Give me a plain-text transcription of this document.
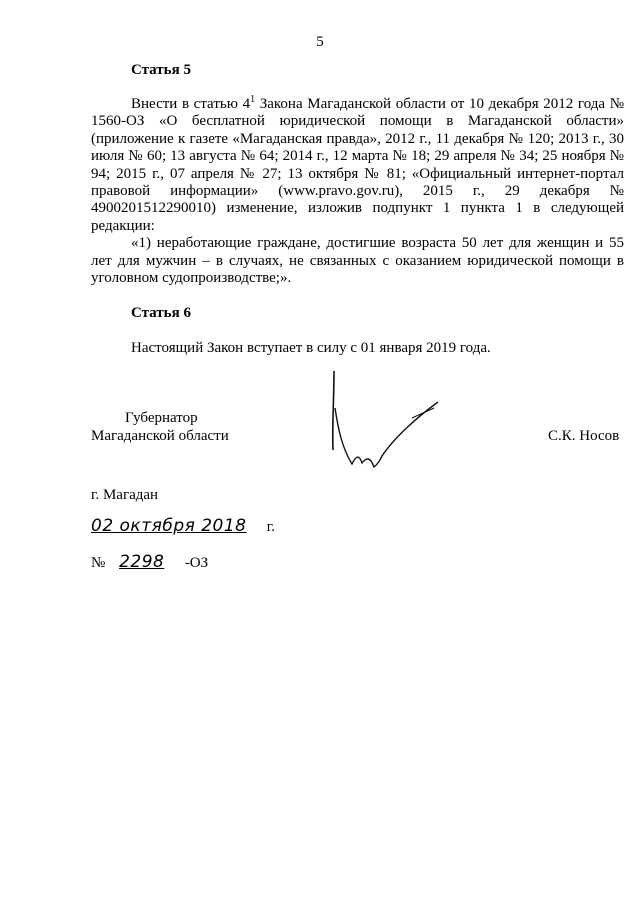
5
Статья 5

Внести в статью $4^1$ Закона Магаданской области от 10 декабря 2012 года № 1560-ОЗ «О бесплатной юридической помощи в Магаданской области» (приложение к газете «Магаданская правда», 2012 г., 11 декабря № 120; 2013 г., 30 июля № 60; 13 августа № 64; 2014 г., 12 марта № 18; 29 апреля № 34; 25 ноября № 94; 2015 г., 07 апреля № 27; 13 октября № 81; «Официальный интернет-портал правовой информации» (www.pravo.gov.ru), 2015 г., 29 декабря № 4900201512290010) изменение, изложив подпункт 1 пункта 1 в следующей редакции:

«1) неработающие граждане, достигшие возраста 50 лет для женщин и 55 лет для мужчин – в случаях, не связанных с оказанием юридической помощи в уголовном судопроизводстве;».

Статья 6

Настоящий Закон вступает в силу с 01 января 2019 года.

Губернатор
Магаданской области	С.К. Носов
г. Магадан
02 октября 2018 г.
№ 2298 -ОЗ
